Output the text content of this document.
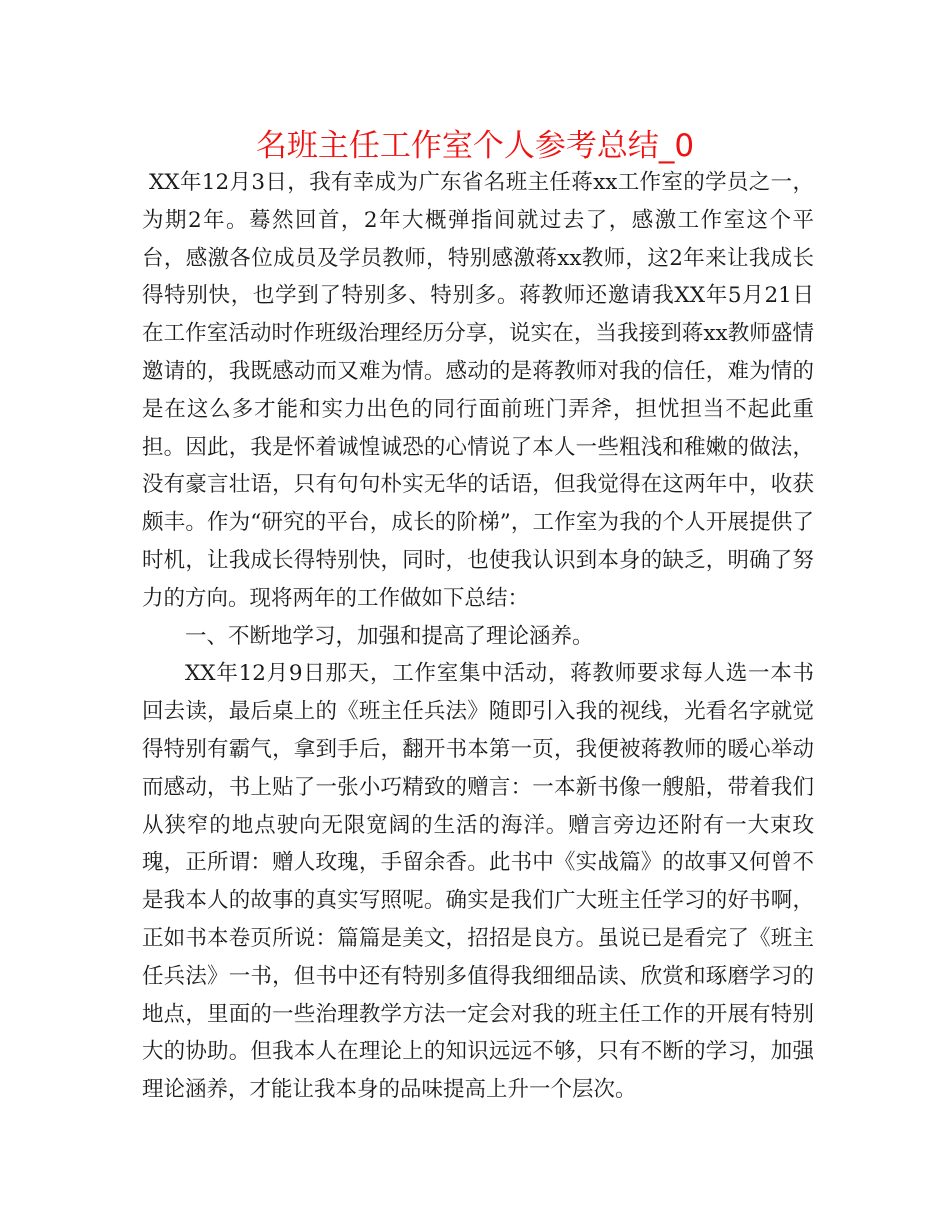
名班主任工作室个人参考总结_0

XX年12月3日，我有幸成为广东省名班主任蒋xx工作室的学员之一，为期2年。蓦然回首，2年大概弹指间就过去了，感激工作室这个平台，感激各位成员及学员教师，特别感激蒋xx教师，这2年来让我成长得特别快，也学到了特别多、特别多。蒋教师还邀请我XX年5月21日在工作室活动时作班级治理经历分享，说实在，当我接到蒋xx教师盛情邀请的，我既感动而又难为情。感动的是蒋教师对我的信任，难为情的是在这么多才能和实力出色的同行面前班门弄斧，担忧担当不起此重担。因此，我是怀着诚惶诚恐的心情说了本人一些粗浅和稚嫩的做法，没有豪言壮语，只有句句朴实无华的话语，但我觉得在这两年中，收获颇丰。作为“研究的平台，成长的阶梯”，工作室为我的个人开展提供了时机，让我成长得特别快，同时，也使我认识到本身的缺乏，明确了努力的方向。现将两年的工作做如下总结：

一、不断地学习，加强和提高了理论涵养。

XX年12月9日那天，工作室集中活动，蒋教师要求每人选一本书回去读，最后桌上的《班主任兵法》随即引入我的视线，光看名字就觉得特别有霸气，拿到手后，翻开书本第一页，我便被蒋教师的暖心举动而感动，书上贴了一张小巧精致的赠言：一本新书像一艘船，带着我们从狭窄的地点驶向无限宽阔的生活的海洋。赠言旁边还附有一大束玫瑰，正所谓：赠人玫瑰，手留余香。此书中《实战篇》的故事又何曾不是我本人的故事的真实写照呢。确实是我们广大班主任学习的好书啊，正如书本卷页所说：篇篇是美文，招招是良方。虽说已是看完了《班主任兵法》一书，但书中还有特别多值得我细细品读、欣赏和琢磨学习的地点，里面的一些治理教学方法一定会对我的班主任工作的开展有特别大的协助。但我本人在理论上的知识远远不够，只有不断的学习，加强理论涵养，才能让我本身的品味提高上升一个层次。
